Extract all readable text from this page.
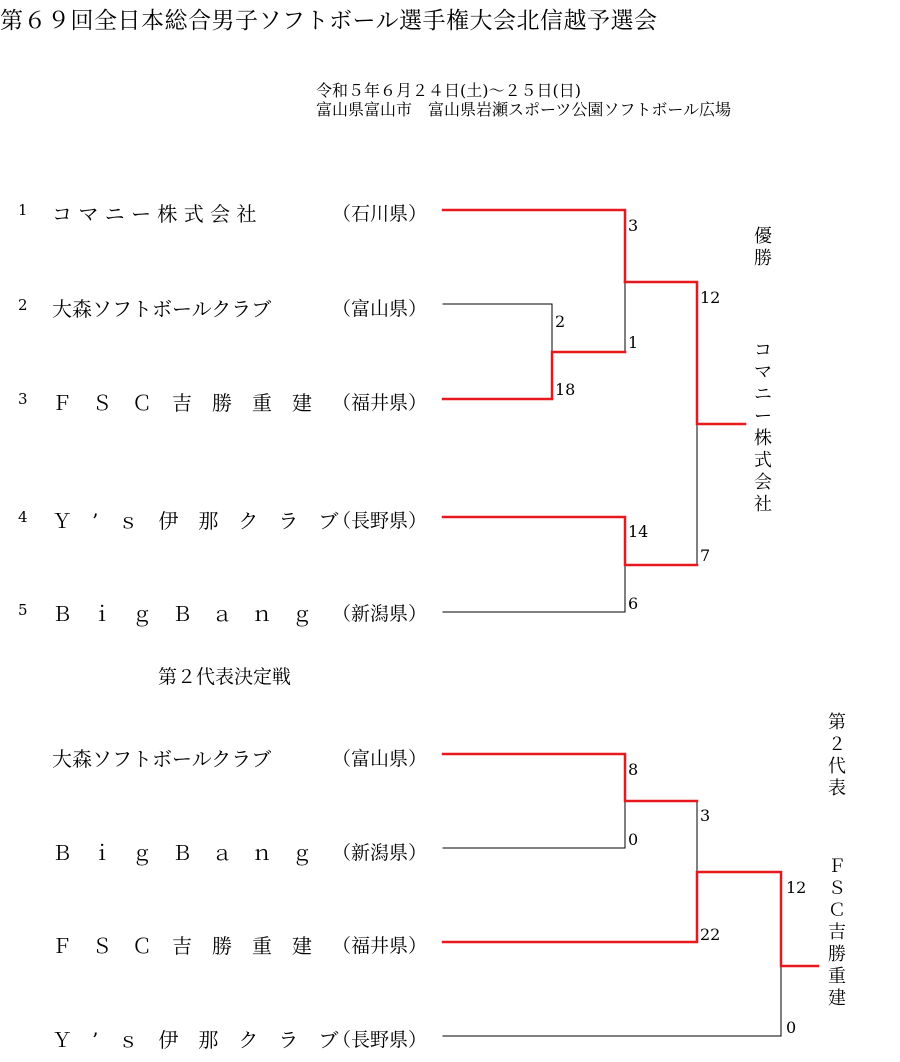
第６９回全日本総合男子ソフトボール選手権大会北信越予選会
令和５年６月２４日(土)～２５日(日)
富山県富山市　富山県岩瀬スポーツ公園ソフトボール広場
1 コ マ ニ ー 株 式 会 社	（石川県）
2 大森ソフトボールクラブ	（富山県）
3 Ｆ　Ｓ　Ｃ　吉　勝　重　建 （福井県）
4 Ｙ　’　ｓ　伊　那　ク　ラ　ブ
（長野県）
5 Ｂ　ｉ　ｇ　Ｂ　ａ　ｎ　ｇ （新潟県）
3
2
1
18
12
14
7
6
優勝
コマニー株式会社
第２代表決定戦
大森ソフトボールクラブ	（富山県）
Ｂ　ｉ　ｇ　Ｂ　ａ　ｎ　ｇ （新潟県）
Ｆ　Ｓ　Ｃ　吉　勝　重　建 （福井県）
Ｙ　’　ｓ　伊　那　ク　ラ　ブ
（長野県）
8
0
3
22
12
0
第２代表
ＦＳＣ吉勝重建
